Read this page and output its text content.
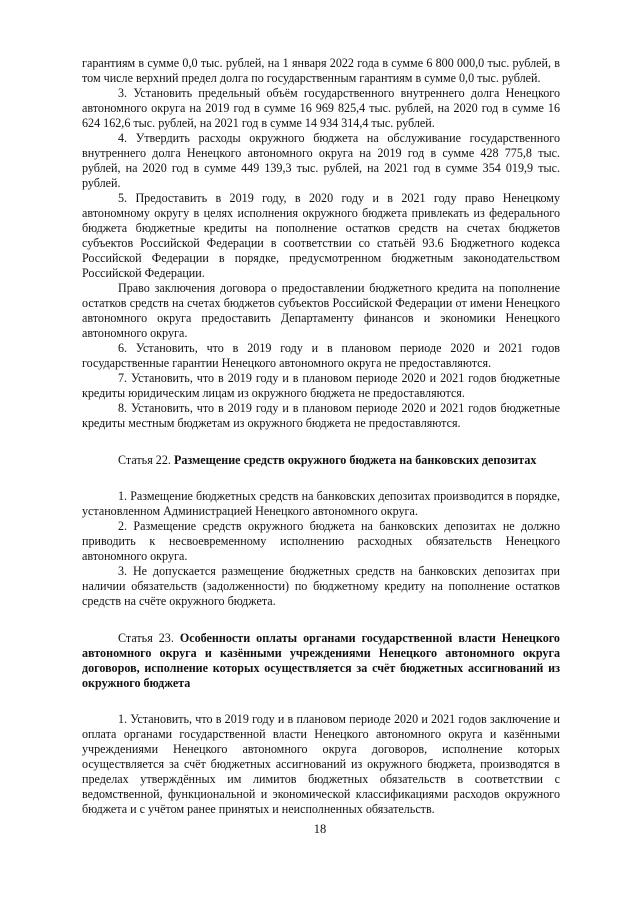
гарантиям в сумме 0,0 тыс. рублей, на 1 января 2022 года в сумме 6 800 000,0 тыс. рублей, в том числе верхний предел долга по государственным гарантиям в сумме 0,0 тыс. рублей.

3. Установить предельный объём государственного внутреннего долга Ненецкого автономного округа на 2019 год в сумме 16 969 825,4 тыс. рублей, на 2020 год в сумме 16 624 162,6 тыс. рублей, на 2021 год в сумме 14 934 314,4 тыс. рублей.

4. Утвердить расходы окружного бюджета на обслуживание государственного внутреннего долга Ненецкого автономного округа на 2019 год в сумме 428 775,8 тыс. рублей, на 2020 год в сумме 449 139,3 тыс. рублей, на 2021 год в сумме 354 019,9 тыс. рублей.

5. Предоставить в 2019 году, в 2020 году и в 2021 году право Ненецкому автономному округу в целях исполнения окружного бюджета привлекать из федерального бюджета бюджетные кредиты на пополнение остатков средств на счетах бюджетов субъектов Российской Федерации в соответствии со статьёй 93.6 Бюджетного кодекса Российской Федерации в порядке, предусмотренном бюджетным законодательством Российской Федерации.

Право заключения договора о предоставлении бюджетного кредита на пополнение остатков средств на счетах бюджетов субъектов Российской Федерации от имени Ненецкого автономного округа предоставить Департаменту финансов и экономики Ненецкого автономного округа.

6. Установить, что в 2019 году и в плановом периоде 2020 и 2021 годов государственные гарантии Ненецкого автономного округа не предоставляются.

7. Установить, что в 2019 году и в плановом периоде 2020 и 2021 годов бюджетные кредиты юридическим лицам из окружного бюджета не предоставляются.

8. Установить, что в 2019 году и в плановом периоде 2020 и 2021 годов бюджетные кредиты местным бюджетам из окружного бюджета не предоставляются.

Статья 22. Размещение средств окружного бюджета на банковских депозитах

1. Размещение бюджетных средств на банковских депозитах производится в порядке, установленном Администрацией Ненецкого автономного округа.

2. Размещение средств окружного бюджета на банковских депозитах не должно приводить к несвоевременному исполнению расходных обязательств Ненецкого автономного округа.

3. Не допускается размещение бюджетных средств на банковских депозитах при наличии обязательств (задолженности) по бюджетному кредиту на пополнение остатков средств на счёте окружного бюджета.

Статья 23. Особенности оплаты органами государственной власти Ненецкого автономного округа и казёнными учреждениями Ненецкого автономного округа договоров, исполнение которых осуществляется за счёт бюджетных ассигнований из окружного бюджета

1. Установить, что в 2019 году и в плановом периоде 2020 и 2021 годов заключение и оплата органами государственной власти Ненецкого автономного округа и казёнными учреждениями Ненецкого автономного округа договоров, исполнение которых осуществляется за счёт бюджетных ассигнований из окружного бюджета, производятся в пределах утверждённых им лимитов бюджетных обязательств в соответствии с ведомственной, функциональной и экономической классификациями расходов окружного бюджета и с учётом ранее принятых и неисполненных обязательств.

18
